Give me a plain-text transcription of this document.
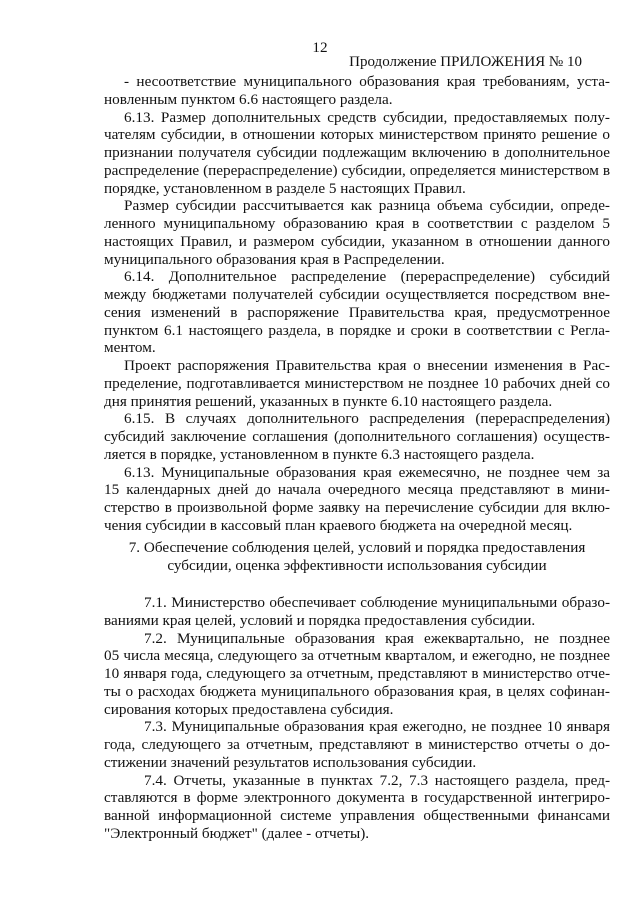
12
Продолжение ПРИЛОЖЕНИЯ № 10
- несоответствие муниципального образования края требованиям, уста-
новленным пунктом 6.6 настоящего раздела.
6.13. Размер дополнительных средств субсидии, предоставляемых полу-
чателям субсидии, в отношении которых министерством принято решение о
признании получателя субсидии подлежащим включению в дополнительное
распределение (перераспределение) субсидии, определяется министерством в
порядке, установленном в разделе 5 настоящих Правил.
Размер субсидии рассчитывается как разница объема субсидии, опреде-
ленного муниципальному образованию края в соответствии с разделом 5
настоящих Правил, и размером субсидии, указанном в отношении данного
муниципального образования края в Распределении.
6.14. Дополнительное распределение (перераспределение) субсидий
между бюджетами получателей субсидии осуществляется посредством вне-
сения изменений в распоряжение Правительства края, предусмотренное
пунктом 6.1 настоящего раздела, в порядке и сроки в соответствии с Регла-
ментом.
Проект распоряжения Правительства края о внесении изменения в Рас-
пределение, подготавливается министерством не позднее 10 рабочих дней со
дня принятия решений, указанных в пункте 6.10 настоящего раздела.
6.15. В случаях дополнительного распределения (перераспределения)
субсидий заключение соглашения (дополнительного соглашения) осуществ-
ляется в порядке, установленном в пункте 6.3 настоящего раздела.
6.13. Муниципальные образования края ежемесячно, не позднее чем за
15 календарных дней до начала очередного месяца представляют в мини-
стерство в произвольной форме заявку на перечисление субсидии для вклю-
чения субсидии в кассовый план краевого бюджета на очередной месяц.
7. Обеспечение соблюдения целей, условий и порядка предоставления
субсидии, оценка эффективности использования субсидии
7.1. Министерство обеспечивает соблюдение муниципальными образо-
ваниями края целей, условий и порядка предоставления субсидии.
7.2. Муниципальные образования края ежеквартально, не позднее
05 числа месяца, следующего за отчетным кварталом, и ежегодно, не позднее
10 января года, следующего за отчетным, представляют в министерство отче-
ты о расходах бюджета муниципального образования края, в целях софинан-
сирования которых предоставлена субсидия.
7.3. Муниципальные образования края ежегодно, не позднее 10 января
года, следующего за отчетным, представляют в министерство отчеты о до-
стижении значений результатов использования субсидии.
7.4. Отчеты, указанные в пунктах 7.2, 7.3 настоящего раздела, пред-
ставляются в форме электронного документа в государственной интегриро-
ванной информационной системе управления общественными финансами
"Электронный бюджет" (далее - отчеты).
